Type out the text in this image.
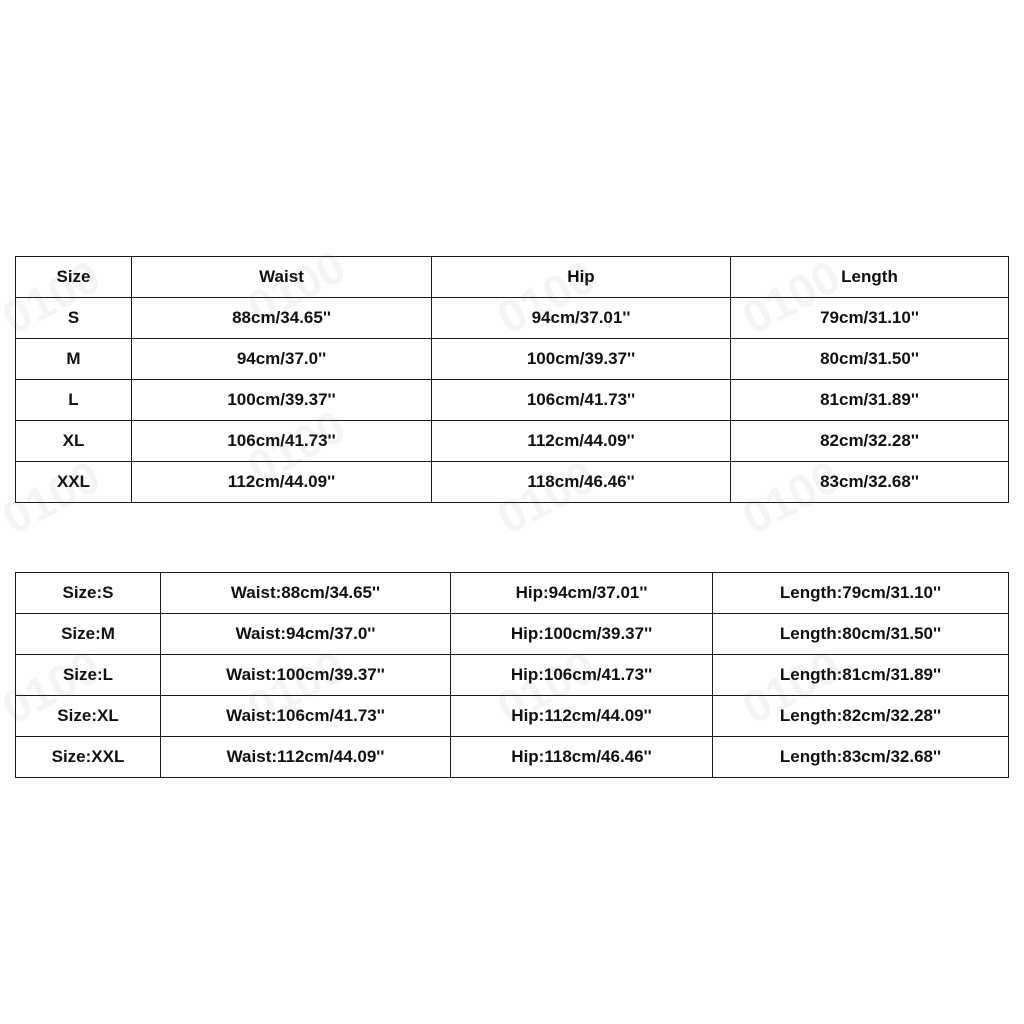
Size	Waist	Hip	Length
S	88cm/34.65''	94cm/37.01''	79cm/31.10''
M	94cm/37.0''	100cm/39.37''	80cm/31.50''
L	100cm/39.37''	106cm/41.73''	81cm/31.89''
XL	106cm/41.73''	112cm/44.09''	82cm/32.28''
XXL	112cm/44.09''	118cm/46.46''	83cm/32.68''
Size:S	Waist:88cm/34.65''	Hip:94cm/37.01''	Length:79cm/31.10''
Size:M	Waist:94cm/37.0''	Hip:100cm/39.37''	Length:80cm/31.50''
Size:L	Waist:100cm/39.37''	Hip:106cm/41.73''	Length:81cm/31.89''
Size:XL	Waist:106cm/41.73''	Hip:112cm/44.09''	Length:82cm/32.28''
Size:XXL	Waist:112cm/44.09''	Hip:118cm/46.46''	Length:83cm/32.68''
